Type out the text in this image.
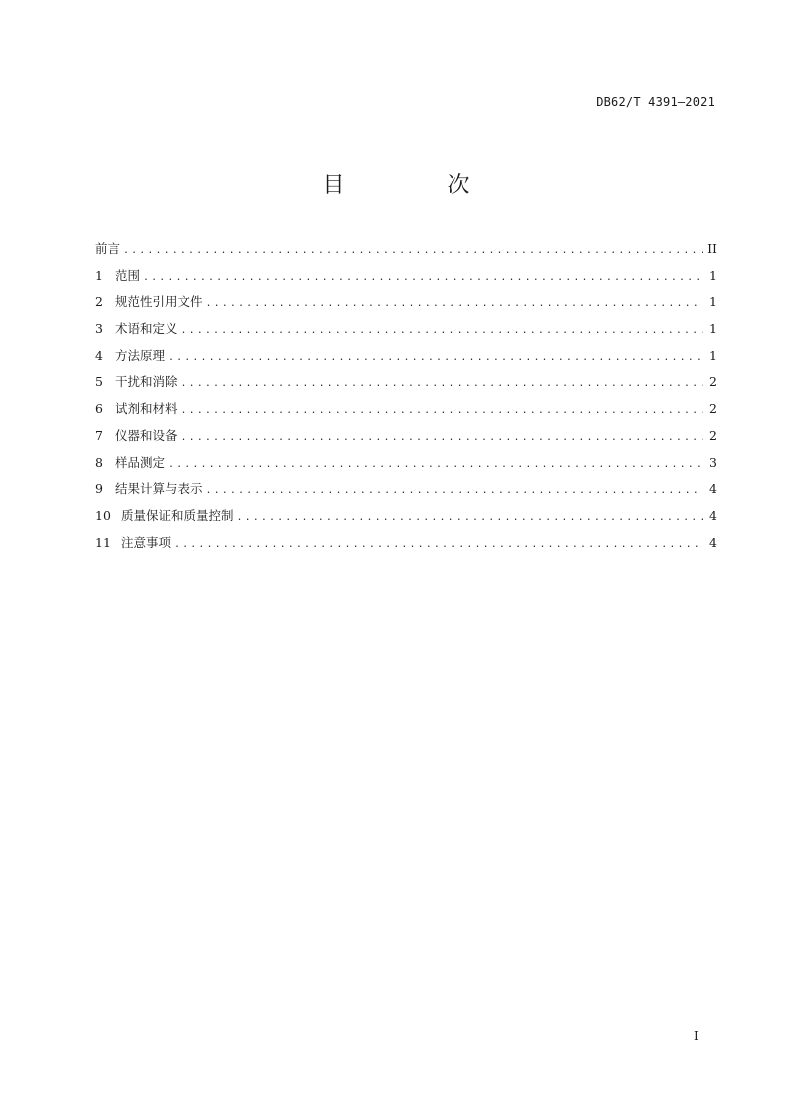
DB62/T 4391—2021
目 次
前言 .....	II
1 范围 .....	1
2 规范性引用文件 .....	1
3 术语和定义 .....	1
4 方法原理 .....	1
5 干扰和消除 .....	2
6 试剂和材料 .....	2
7 仪器和设备 .....	2
8 样品测定 .....	3
9 结果计算与表示 .....	4
10 质量保证和质量控制 .....	4
11 注意事项 .....	4
I
